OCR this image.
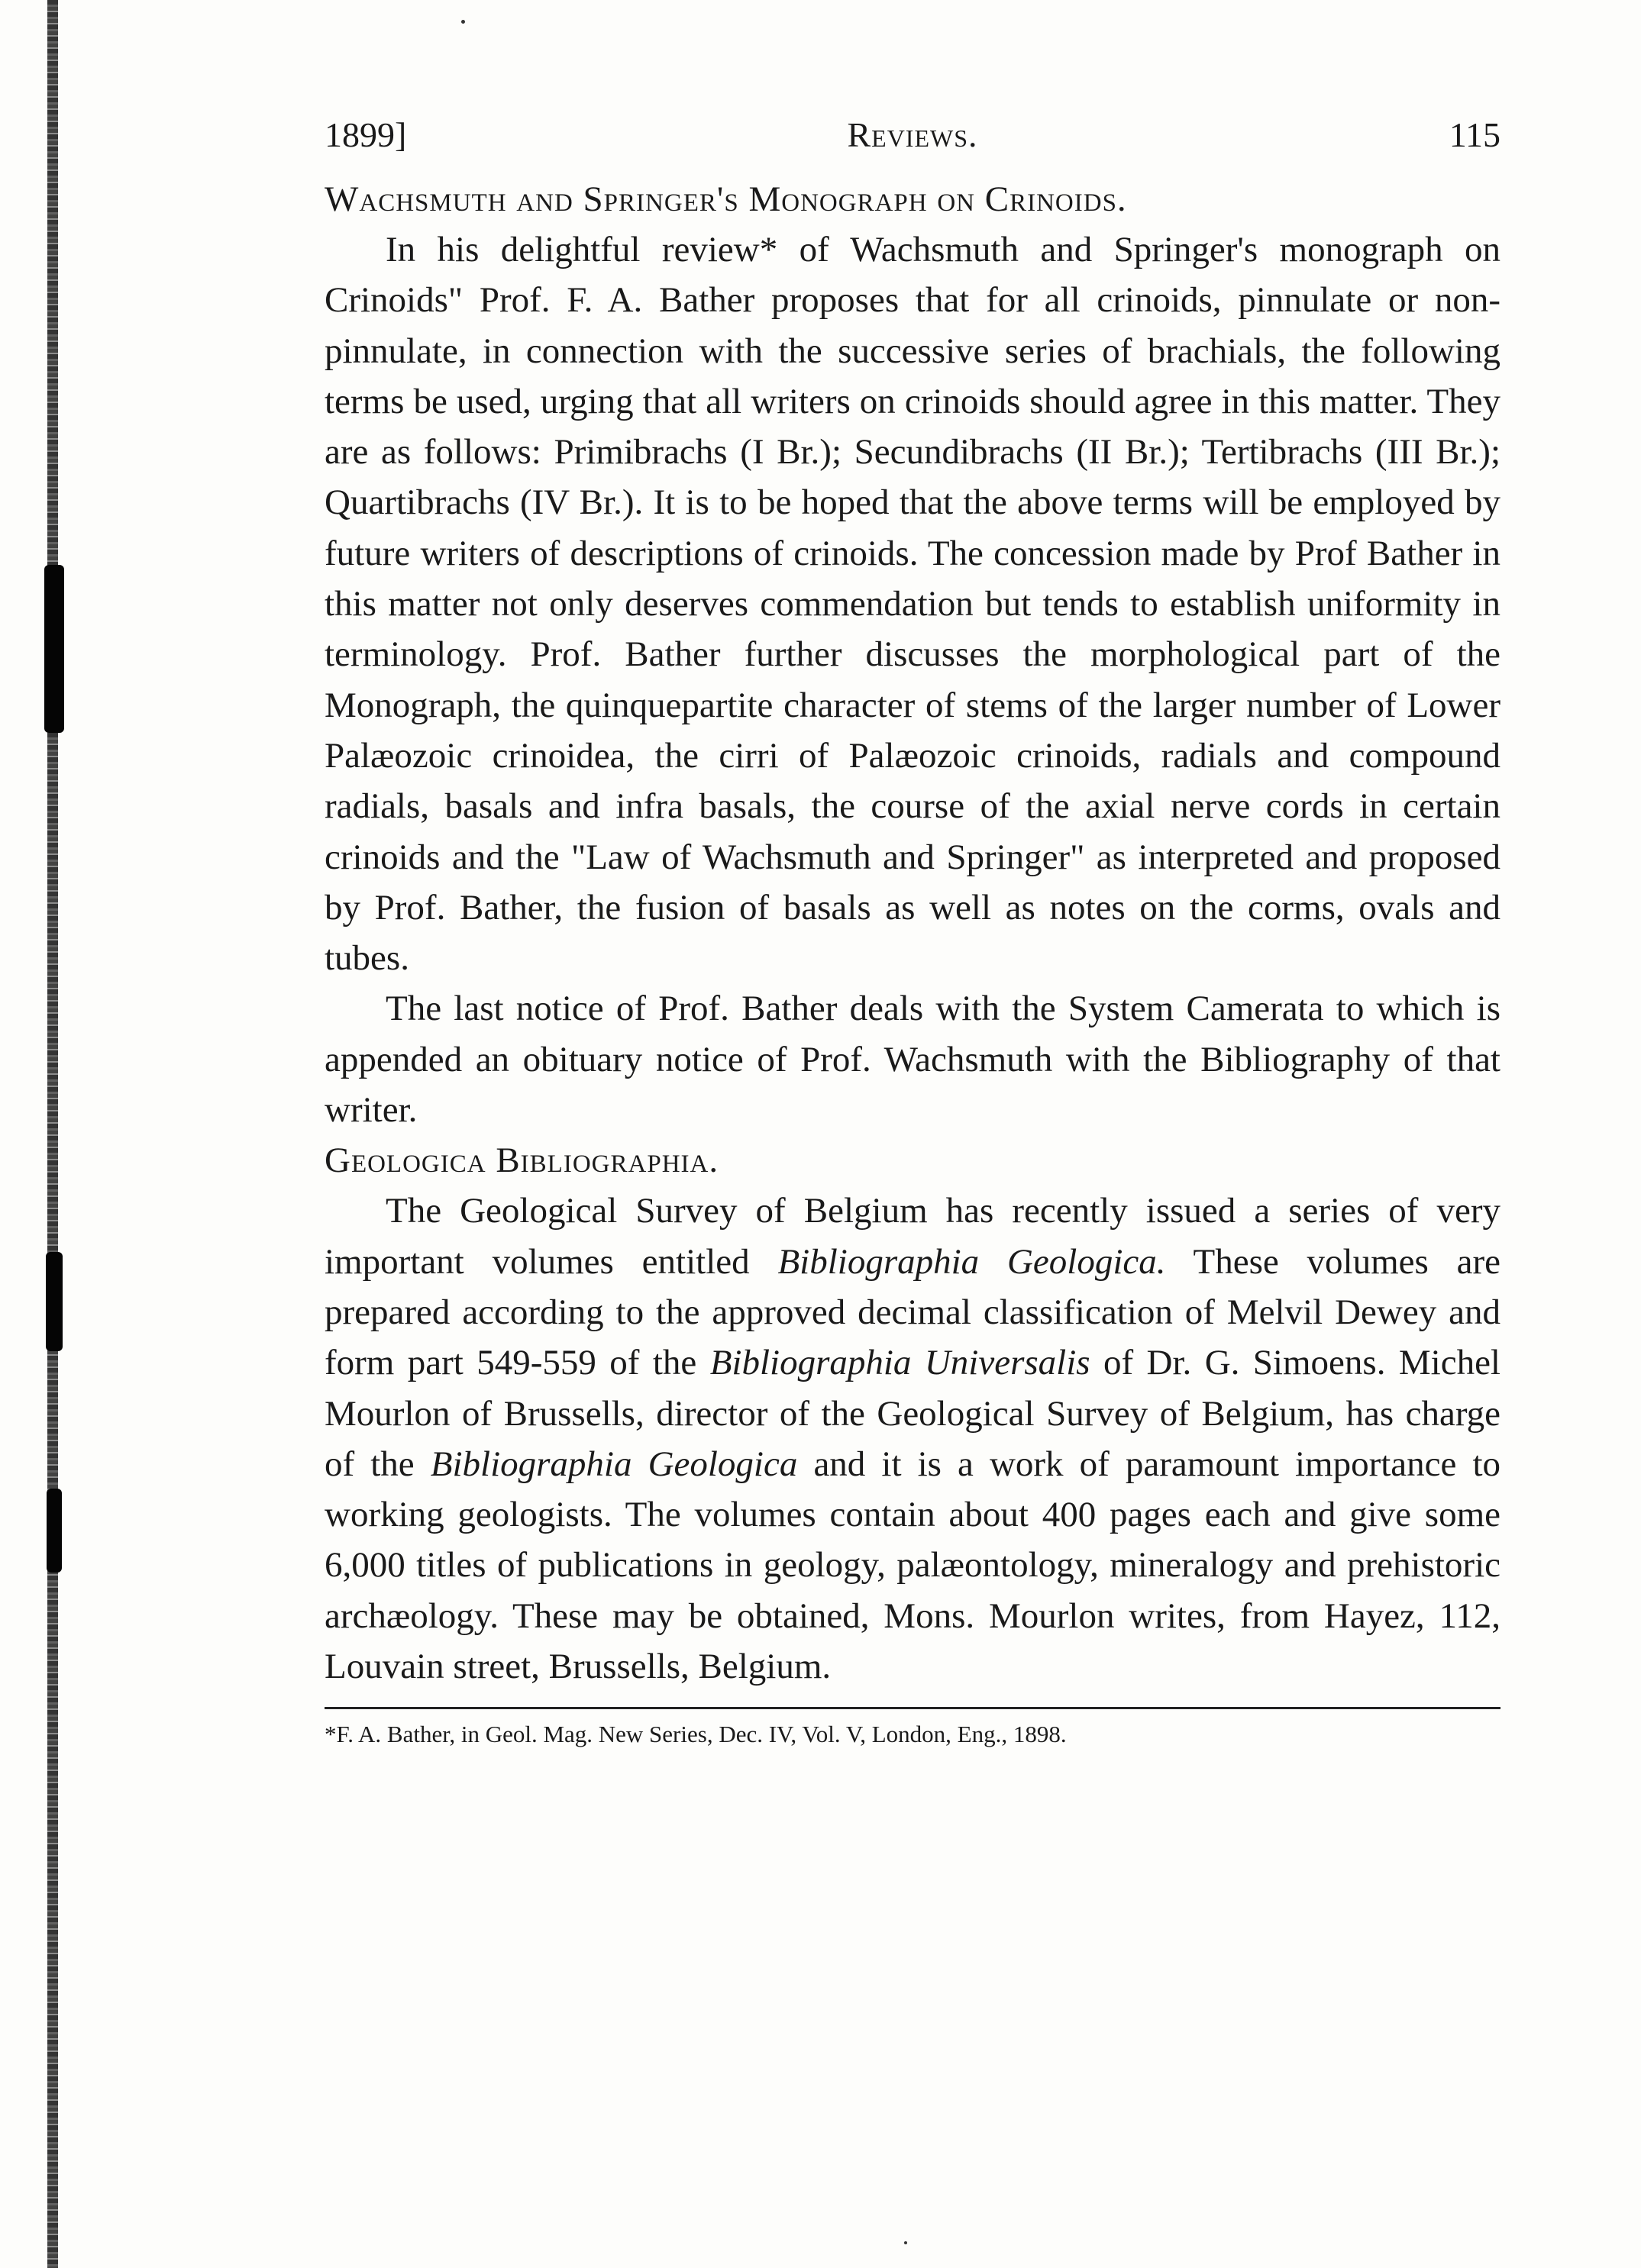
1899]	Reviews.	115
Wachsmuth and Springer's Monograph on Crinoids.

In his delightful review* of Wachsmuth and Springer's monograph on Crinoids" Prof. F. A. Bather proposes that for all crinoids, pinnulate or non-pinnulate, in connection with the successive series of brachials, the following terms be used, urging that all writers on crinoids should agree in this matter. They are as follows: Primibrachs (I Br.); Secundibrachs (II Br.); Tertibrachs (III Br.); Quartibrachs (IV Br.). It is to be hoped that the above terms will be employed by future writers of descriptions of crinoids. The concession made by Prof Bather in this matter not only deserves commendation but tends to establish uniformity in terminology. Prof. Bather further discusses the morphological part of the Monograph, the quinquepartite character of stems of the larger number of Lower Palæozoic crinoidea, the cirri of Palæozoic crinoids, radials and compound radials, basals and infra basals, the course of the axial nerve cords in certain crinoids and the "Law of Wachsmuth and Springer" as interpreted and proposed by Prof. Bather, the fusion of basals as well as notes on the corms, ovals and tubes.

The last notice of Prof. Bather deals with the System Camerata to which is appended an obituary notice of Prof. Wachsmuth with the Bibliography of that writer.

Geologica Bibliographia.

The Geological Survey of Belgium has recently issued a series of very important volumes entitled Bibliographia Geologica. These volumes are prepared according to the approved decimal classification of Melvil Dewey and form part 549-559 of the Bibliographia Universalis of Dr. G. Simoens. Michel Mourlon of Brussells, director of the Geological Survey of Belgium, has charge of the Bibliographia Geologica and it is a work of paramount importance to working geologists. The volumes contain about 400 pages each and give some 6,000 titles of publications in geology, palæontology, mineralogy and prehistoric archæology. These may be obtained, Mons. Mourlon writes, from Hayez, 112, Louvain street, Brussells, Belgium.

*F. A. Bather, in Geol. Mag. New Series, Dec. IV, Vol. V, London, Eng., 1898.
